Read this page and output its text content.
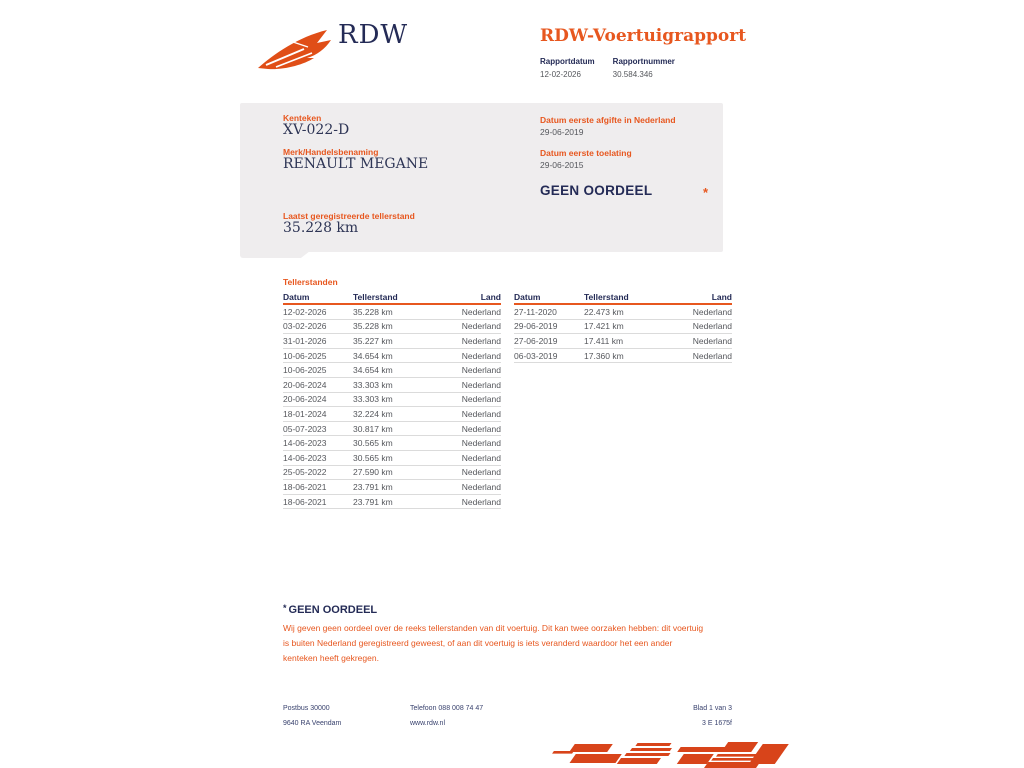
RDW	RDW-Voertuigrapport
Rapportdatum
12-02-2026
Rapportnummer
30.584.346
Kenteken
XV-022-D
Merk/Handelsbenaming
RENAULT MEGANE
Laatst geregistreerde tellerstand
35.228 km
Datum eerste afgifte in Nederland
29-06-2019
Datum eerste toelating
29-06-2015
GEEN OORDEEL	*
Tellerstanden
Datum	Tellerstand	Land
12-02-2026	35.228 km	Nederland
03-02-2026	35.228 km	Nederland
31-01-2026	35.227 km	Nederland
10-06-2025	34.654 km	Nederland
10-06-2025	34.654 km	Nederland
20-06-2024	33.303 km	Nederland
20-06-2024	33.303 km	Nederland
18-01-2024	32.224 km	Nederland
05-07-2023	30.817 km	Nederland
14-06-2023	30.565 km	Nederland
14-06-2023	30.565 km	Nederland
25-05-2022	27.590 km	Nederland
18-06-2021	23.791 km	Nederland
18-06-2021	23.791 km	Nederland
Datum	Tellerstand	Land
27-11-2020	22.473 km	Nederland
29-06-2019	17.421 km	Nederland
27-06-2019	17.411 km	Nederland
06-03-2019	17.360 km	Nederland
* GEEN OORDEEL
Wij geven geen oordeel over de reeks tellerstanden van dit voertuig. Dit kan twee oorzaken hebben: dit voertuig is buiten Nederland geregistreerd geweest, of aan dit voertuig is iets veranderd waardoor het een ander kenteken heeft gekregen.
Postbus 30000
9640 RA Veendam
Telefoon 088 008 74 47
www.rdw.nl
Blad 1 van 3
3 E 1675f
